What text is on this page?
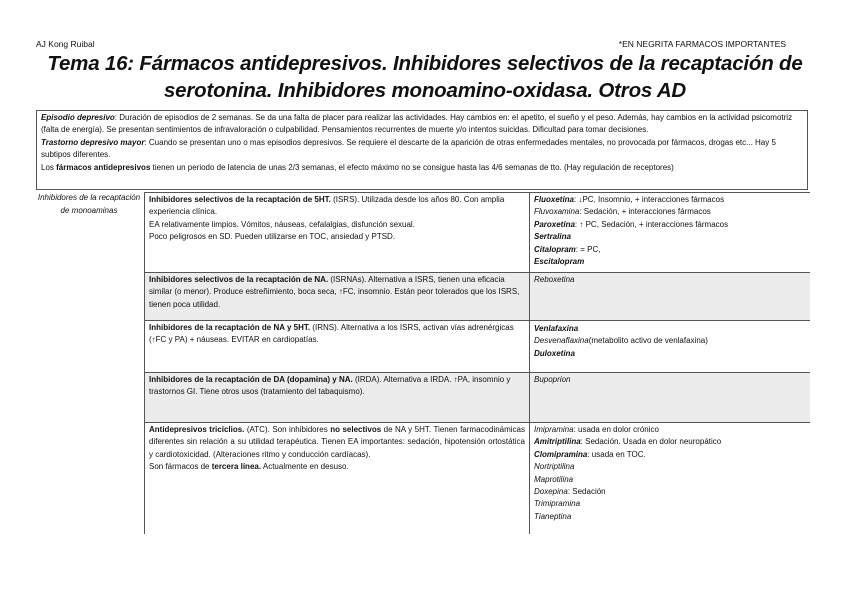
AJ Kong Ruibal	*EN NEGRITA FARMACOS IMPORTANTES
Tema 16: Fármacos antidepresivos. Inhibidores selectivos de la recaptación de
serotonina. Inhibidores monoamino-oxidasa. Otros AD
Episodio depresivo: Duración de episodios de 2 semanas. Se da una falta de placer para realizar las actividades. Hay cambios en: el apetito, el sueño y el peso. Además, hay cambios en la actividad psicomotriz (falta de energía). Se presentan sentimientos de infravaloración o culpabilidad. Pensamientos recurrentes de muerte y/o intentos suicidas. Dificultad para tomar decisiones.
Trastorno depresivo mayor: Cuando se presentan uno o mas episodios depresivos. Se requiere el descarte de la aparición de otras enfermedades mentales, no provocada por fármacos, drogas etc... Hay 5 subtipos diferentes.
Los fármacos antidepresivos tienen un periodo de latencia de unas 2/3 semanas, el efecto máximo no se consigue hasta las 4/6 semanas de tto. (Hay regulación de receptores)
Inhibidores de la recaptación de monoaminas
Inhibidores selectivos de la recaptación de 5HT. (ISRS). Utilizada desde los años 80. Con amplia experiencia clínica.
EA relativamente limpios. Vómitos, náuseas, cefalalgias, disfunción sexual.
Poco peligrosos en SD. Pueden utilizarse en TOC, ansiedad y PTSD.
Fluoxetina: ↓PC, Insomnio, + interacciones fármacos
Fluvoxamina: Sedación, + interacciones fármacos
Paroxetina: ↑ PC, Sedación, + interacciones fármacos
Sertralina
Citalopram: = PC,
Escitalopram
Inhibidores selectivos de la recaptación de NA. (ISRNAs). Alternativa a ISRS, tienen una eficacia similar (o menor). Produce estreñimiento, boca seca, ↑FC, insomnio. Están peor tolerados que los ISRS, tienen poca utilidad.
Reboxetina
Inhibidores de la recaptación de NA y 5HT. (IRNS). Alternativa a los ISRS, activan vías adrenérgicas (↑FC y PA) + náuseas. EVITAR en cardiopatías.
Venlafaxina
Desvenaflaxina(metabolito activo de venlafaxina)
Duloxetina
Inhibidores de la recaptación de DA (dopamina) y NA. (IRDA). Alternativa a IRDA. ↑PA, insomnio y trastornos GI. Tiene otros usos (tratamiento del tabaquismo).
Bupoprion
Antidepresivos tricíclios. (ATC). Son inhibidores no selectivos de NA y 5HT. Tienen farmacodinámicas diferentes sin relación a su utilidad terapéutica. Tienen EA importantes: sedación, hipotensión ortostática y cardiotoxicidad. (Alteraciones ritmo y conducción cardíacas).
Son fármacos de tercera línea. Actualmente en desuso.
Imipramina: usada en dolor crónico
Amitriptilina: Sedación. Usada en dolor neuropático
Clomipramina: usada en TOC.
Nortriptilina
Maprotilina
Doxepina: Sedación
Trimipramina
Tianeptina
